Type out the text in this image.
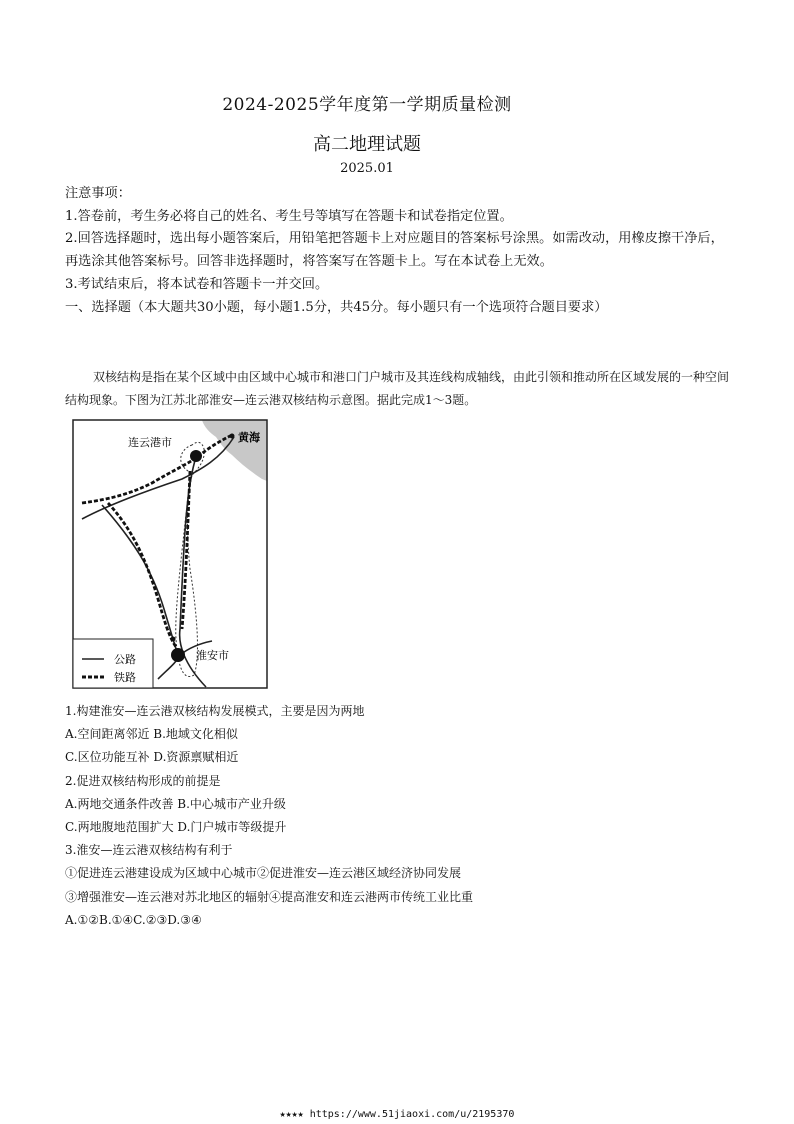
2024-2025学年度第一学期质量检测
高二地理试题
2025.01

注意事项：

1.答卷前，考生务必将自己的姓名、考生号等填写在答题卡和试卷指定位置。

2.回答选择题时，选出每小题答案后，用铅笔把答题卡上对应题目的答案标号涂黑。如需改动，用橡皮擦干净后，再选涂其他答案标号。回答非选择题时，将答案写在答题卡上。写在本试卷上无效。

3.考试结束后，将本试卷和答题卡一并交回。

一、选择题（本大题共30小题，每小题1.5分，共45分。每小题只有一个选项符合题目要求）

双核结构是指在某个区域中由区域中心城市和港口门户城市及其连线构成轴线，由此引领和推动所在区域发展的一种空间结构现象。下图为江苏北部淮安—连云港双核结构示意图。据此完成1～3题。

连云港市	黄海
淮安市
公路
铁路

1.构建淮安—连云港双核结构发展模式，主要是因为两地

A.空间距离邻近 B.地域文化相似

C.区位功能互补 D.资源禀赋相近

2.促进双核结构形成的前提是

A.两地交通条件改善 B.中心城市产业升级

C.两地腹地范围扩大 D.门户城市等级提升

3.淮安—连云港双核结构有利于

①促进连云港建设成为区域中心城市②促进淮安—连云港区域经济协同发展

③增强淮安—连云港对苏北地区的辐射④提高淮安和连云港两市传统工业比重

A.①②B.①④C.②③D.③④

★★★★ https://www.51jiaoxi.com/u/2195370
